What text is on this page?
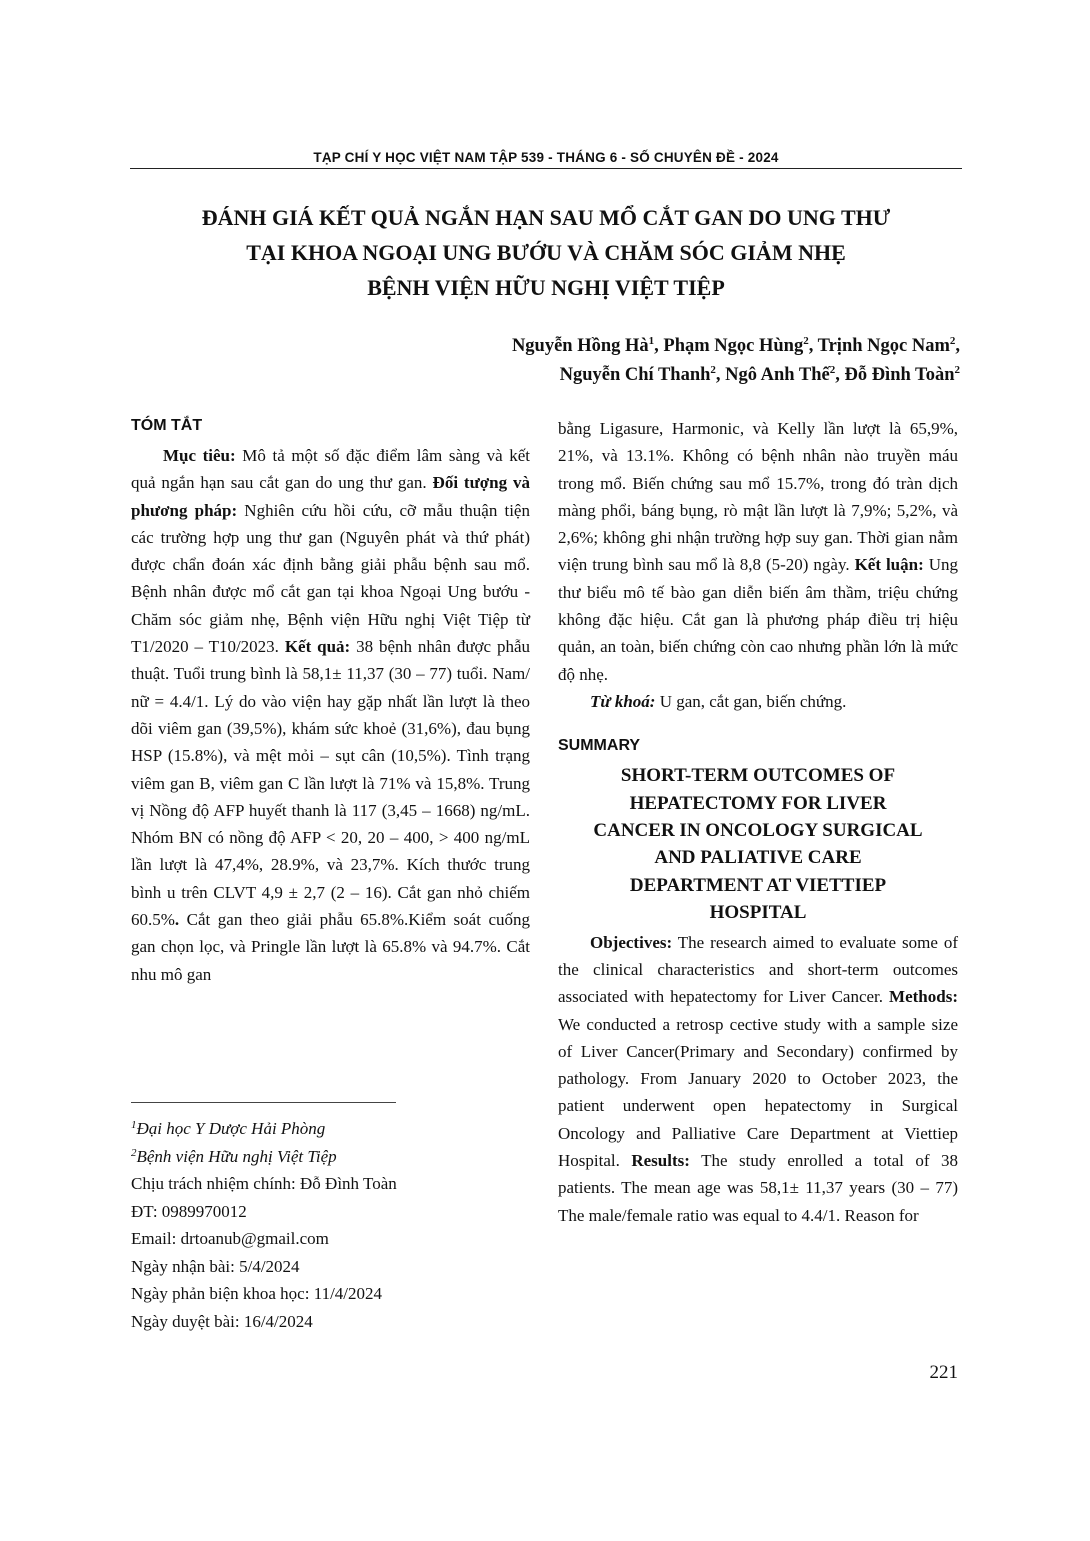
TẠP CHÍ Y HỌC VIỆT NAM TẬP 539 - THÁNG 6 - SỐ CHUYÊN ĐỀ - 2024
ĐÁNH GIÁ KẾT QUẢ NGẮN HẠN SAU MỔ CẮT GAN DO UNG THƯ
TẠI KHOA NGOẠI UNG BƯỚU VÀ CHĂM SÓC GIẢM NHẸ
BỆNH VIỆN HỮU NGHỊ VIỆT TIỆP
Nguyễn Hồng $Hà^1$, Phạm Ngọc Hùng$^2$, Trịnh Ngọc Nam$^2$,
Nguyễn Chí Thanh$^2$, Ngô Anh Thế$^2$, Đỗ Đình Toàn$^2$
TÓM TẮT
Mục tiêu: Mô tả một số đặc điểm lâm sàng và kết quả ngắn hạn sau cắt gan do ung thư gan. Đối tượng và phương pháp: Nghiên cứu hồi cứu, cỡ mẫu thuận tiện các trường hợp ung thư gan (Nguyên phát và thứ phát) được chẩn đoán xác định bằng giải phẫu bệnh sau mổ. Bệnh nhân được mổ cắt gan tại khoa Ngoại Ung bướu - Chăm sóc giảm nhẹ, Bệnh viện Hữu nghị Việt Tiệp từ T1/2020 – T10/2023. Kết quả: 38 bệnh nhân được phẫu thuật. Tuổi trung bình là 58,1± 11,37 (30 – 77) tuổi. Nam/ nữ = 4.4/1. Lý do vào viện hay gặp nhất lần lượt là theo dõi viêm gan (39,5%), khám sức khoẻ (31,6%), đau bụng HSP (15.8%), và mệt mỏi – sụt cân (10,5%). Tình trạng viêm gan B, viêm gan C lần lượt là 71% và 15,8%. Trung vị Nồng độ AFP huyết thanh là 117 (3,45 – 1668) ng/mL. Nhóm BN có nồng độ AFP < 20, 20 – 400, > 400 ng/mL lần lượt là 47,4%, 28.9%, và 23,7%. Kích thước trung bình u trên CLVT 4,9 ± 2,7 (2 – 16). Cắt gan nhỏ chiếm 60.5%. Cắt gan theo giải phẫu 65.8%.Kiểm soát cuống gan chọn lọc, và Pringle lần lượt là 65.8% và 94.7%. Cắt nhu mô gan
$^1$Đại học Y Dược Hải Phòng
$^2$Bệnh viện Hữu nghị Việt Tiệp
Chịu trách nhiệm chính: Đỗ Đình Toàn
ĐT: 0989970012
Email: drtoanub@gmail.com
Ngày nhận bài: 5/4/2024
Ngày phản biện khoa học: 11/4/2024
Ngày duyệt bài: 16/4/2024
bằng Ligasure, Harmonic, và Kelly lần lượt là 65,9%, 21%, và 13.1%. Không có bệnh nhân nào truyền máu trong mổ. Biến chứng sau mổ 15.7%, trong đó tràn dịch màng phổi, báng bụng, rò mật lần lượt là 7,9%; 5,2%, và 2,6%; không ghi nhận trường hợp suy gan. Thời gian nằm viện trung bình sau mổ là 8,8 (5-20) ngày. Kết luận: Ung thư biểu mô tế bào gan diễn biến âm thầm, triệu chứng không đặc hiệu. Cắt gan là phương pháp điều trị hiệu quản, an toàn, biến chứng còn cao nhưng phần lớn là mức độ nhẹ.
Từ khoá: U gan, cắt gan, biến chứng.
SUMMARY
SHORT-TERM OUTCOMES OF
HEPATECTOMY FOR LIVER
CANCER IN ONCOLOGY SURGICAL
AND PALIATIVE CARE
DEPARTMENT AT VIETTIEP
HOSPITAL
Objectives: The research aimed to evaluate some of the clinical characteristics and short-term outcomes associated with hepatectomy for Liver Cancer. Methods: We conducted a retrosp cective study with a sample size of Liver Cancer(Primary and Secondary) confirmed by pathology. From January 2020 to October 2023, the patient underwent open hepatectomy in Surgical Oncology and Palliative Care Department at Viettiep Hospital. Results: The study enrolled a total of 38 patients. The mean age was 58,1± 11,37 years (30 – 77) The male/female ratio was equal to 4.4/1. Reason for
221
